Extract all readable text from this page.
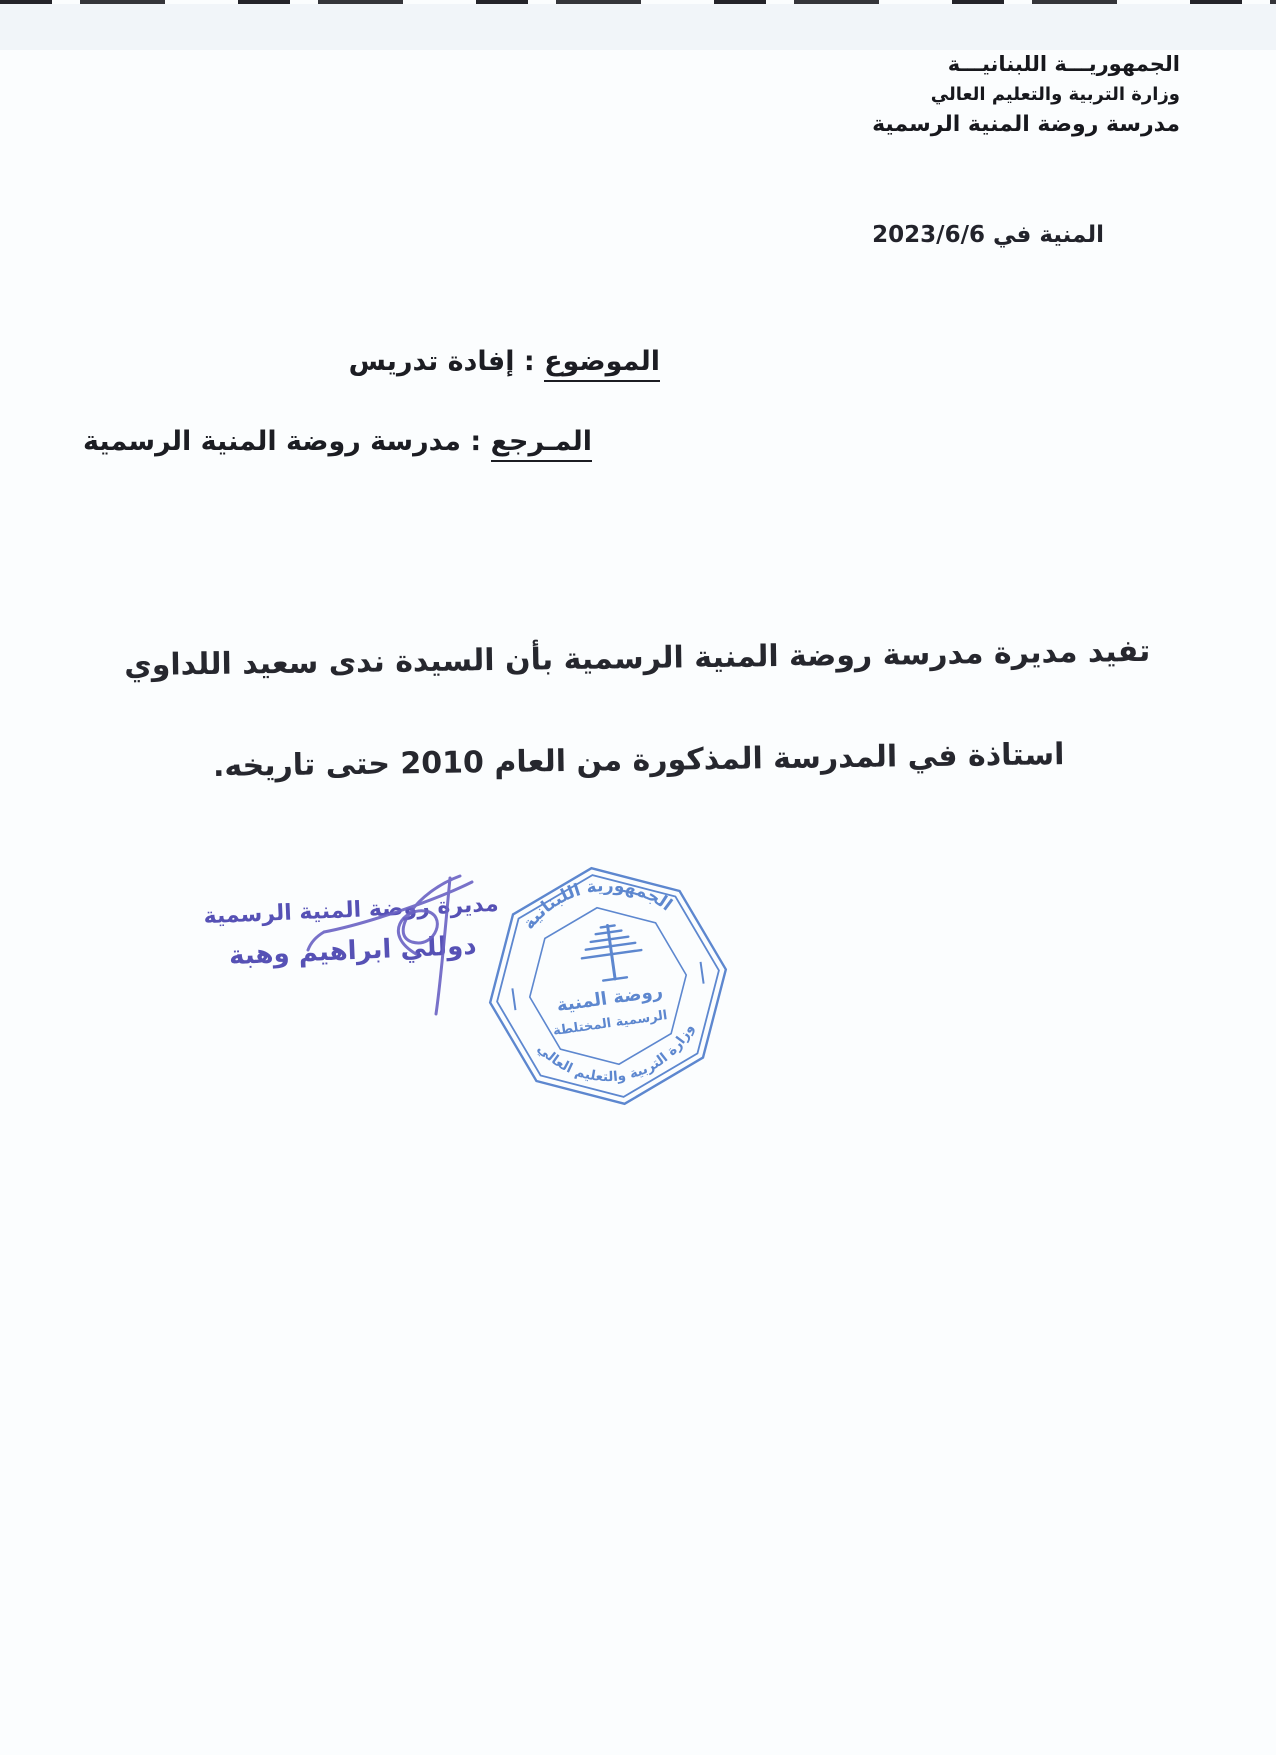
الجمهوريـــة اللبنانيـــة
وزارة التربية والتعليم العالي
مدرسة روضة المنية الرسمية
المنية في 2023/6/6
الموضوع : إفادة تدريس
المـرجع : مدرسة روضة المنية الرسمية
تفيد مديرة مدرسة روضة المنية الرسمية بأن السيدة ندى سعيد اللداوي
استاذة في المدرسة المذكورة من العام 2010 حتى تاريخه.
مديرة روضة المنية الرسمية
دوللي ابراهيم وهبة
الجمهورية اللبنانية
وزارة التربية والتعليم العالي
روضة المنية
الرسمية المختلطة
